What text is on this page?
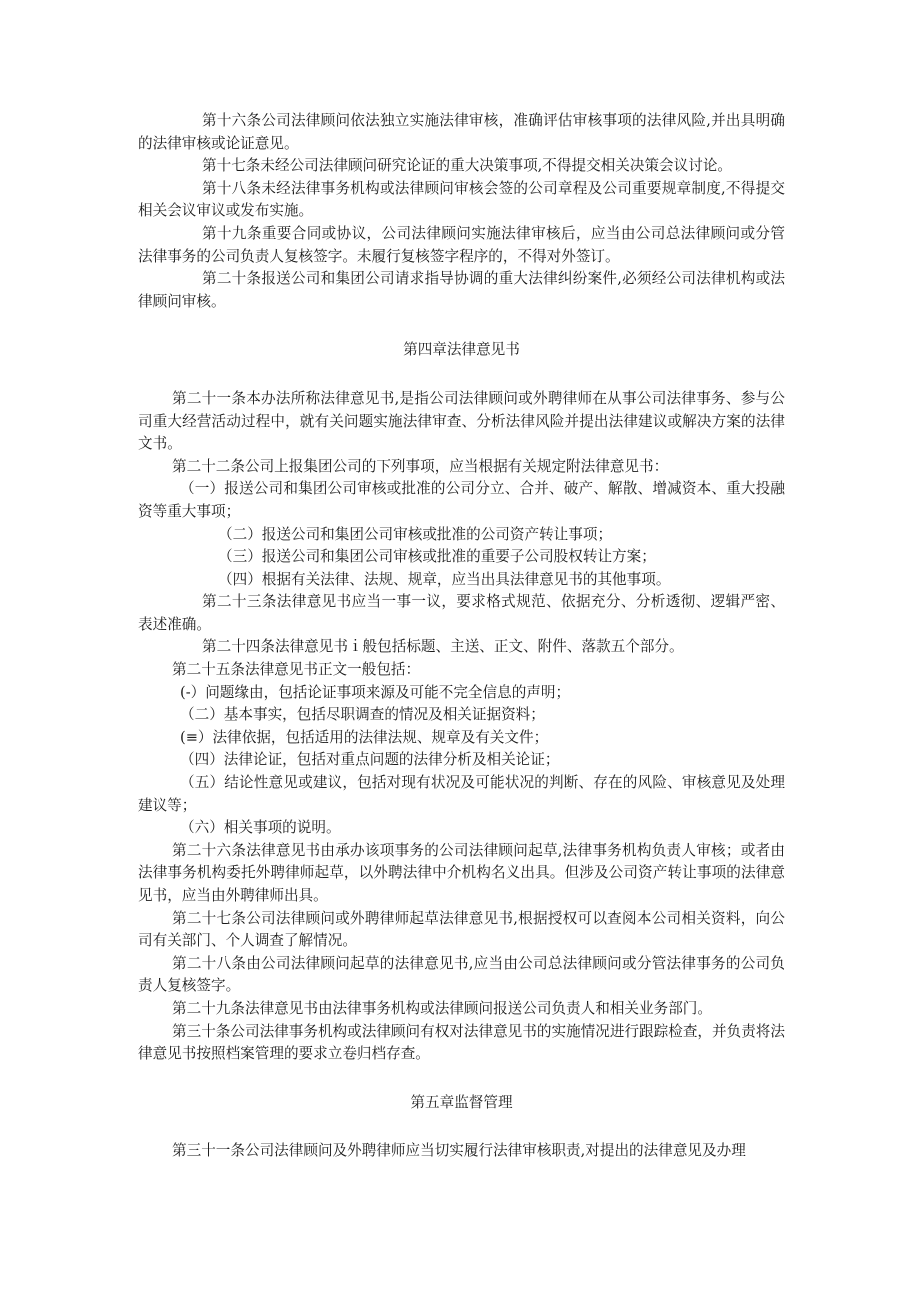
第十六条公司法律顾问依法独立实施法律审核，准确评估审核事项的法律风险,并出具明确的法律审核或论证意见。

第十七条未经公司法律顾问研究论证的重大决策事项,不得提交相关决策会议讨论。

第十八条未经法律事务机构或法律顾问审核会签的公司章程及公司重要规章制度,不得提交相关会议审议或发布实施。

第十九条重要合同或协议，公司法律顾问实施法律审核后，应当由公司总法律顾问或分管法律事务的公司负责人复核签字。未履行复核签字程序的，不得对外签订。

第二十条报送公司和集团公司请求指导协调的重大法律纠纷案件,必须经公司法律机构或法律顾问审核。

第四章法律意见书

第二十一条本办法所称法律意见书,是指公司法律顾问或外聘律师在从事公司法律事务、参与公司重大经营活动过程中，就有关问题实施法律审查、分析法律风险并提出法律建议或解决方案的法律文书。

第二十二条公司上报集团公司的下列事项，应当根据有关规定附法律意见书：

（一）报送公司和集团公司审核或批准的公司分立、合并、破产、解散、增减资本、重大投融资等重大事项；

（二）报送公司和集团公司审核或批准的公司资产转让事项；

（三）报送公司和集团公司审核或批准的重要子公司股权转让方案；

（四）根据有关法律、法规、规章，应当出具法律意见书的其他事项。

第二十三条法律意见书应当一事一议，要求格式规范、依据充分、分析透彻、逻辑严密、表述准确。

第二十四条法律意见书ｉ般包括标题、主送、正文、附件、落款五个部分。

第二十五条法律意见书正文一般包括：

(-）问题缘由，包括论证事项来源及可能不完全信息的声明；

（二）基本事实，包括尽职调查的情况及相关证据资料；

(≡）法律依据，包括适用的法律法规、规章及有关文件；

（四）法律论证，包括对重点问题的法律分析及相关论证；

（五）结论性意见或建议，包括对现有状况及可能状况的判断、存在的风险、审核意见及处理建议等；

（六）相关事项的说明。

第二十六条法律意见书由承办该项事务的公司法律顾问起草,法律事务机构负责人审核；或者由法律事务机构委托外聘律师起草，以外聘法律中介机构名义出具。但涉及公司资产转让事项的法律意见书，应当由外聘律师出具。

第二十七条公司法律顾问或外聘律师起草法律意见书,根据授权可以查阅本公司相关资料，向公司有关部门、个人调查了解情况。

第二十八条由公司法律顾问起草的法律意见书,应当由公司总法律顾问或分管法律事务的公司负责人复核签字。

第二十九条法律意见书由法律事务机构或法律顾问报送公司负责人和相关业务部门。

第三十条公司法律事务机构或法律顾问有权对法律意见书的实施情况进行跟踪检查，并负责将法律意见书按照档案管理的要求立卷归档存查。

第五章监督管理

第三十一条公司法律顾问及外聘律师应当切实履行法律审核职责,对提出的法律意见及办理
